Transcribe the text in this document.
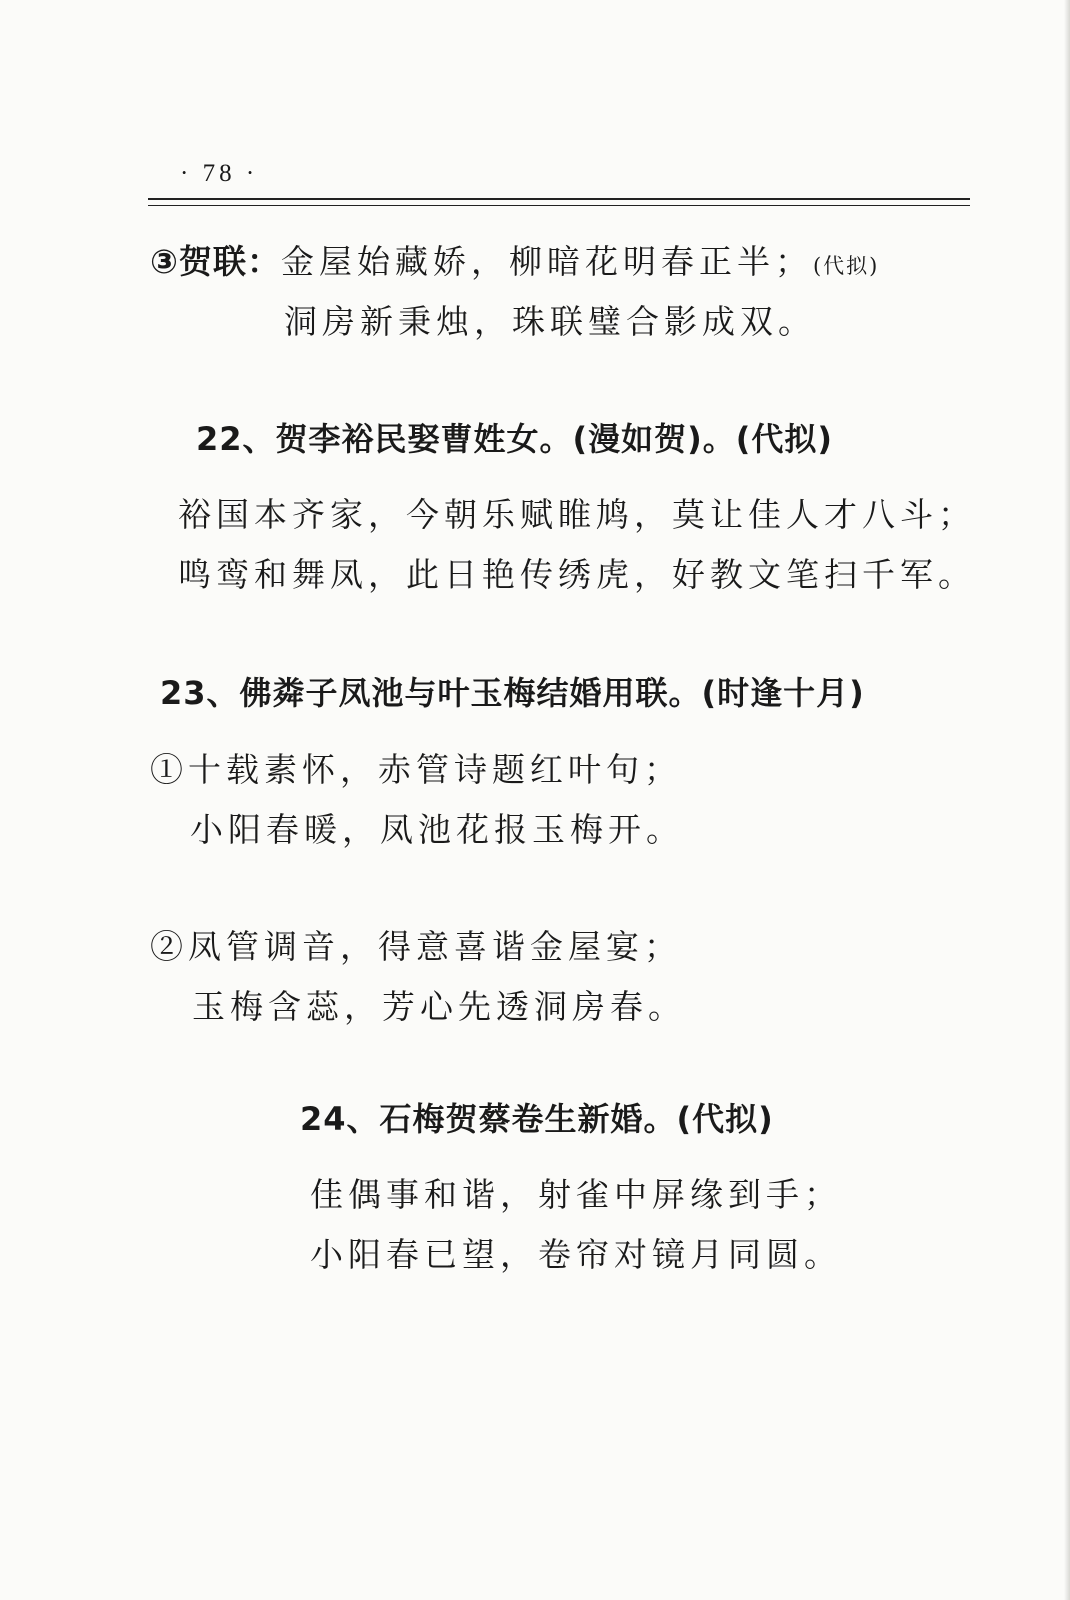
· 78 ·
③贺联：金屋始藏娇，柳暗花明春正半；(代拟)
洞房新秉烛，珠联璧合影成双。
22、贺李裕民娶曹姓女。(漫如贺)。(代拟)
裕国本齐家，今朝乐赋睢鸠，莫让佳人才八斗；
鸣鸾和舞凤，此日艳传绣虎，好教文笔扫千军。
23、佛粦子凤池与叶玉梅结婚用联。(时逢十月)
①十载素怀，赤管诗题红叶句；
小阳春暖，凤池花报玉梅开。
②凤管调音，得意喜谐金屋宴；
玉梅含蕊，芳心先透洞房春。
24、石梅贺蔡卷生新婚。(代拟)
佳偶事和谐，射雀中屏缘到手；
小阳春已望，卷帘对镜月同圆。
